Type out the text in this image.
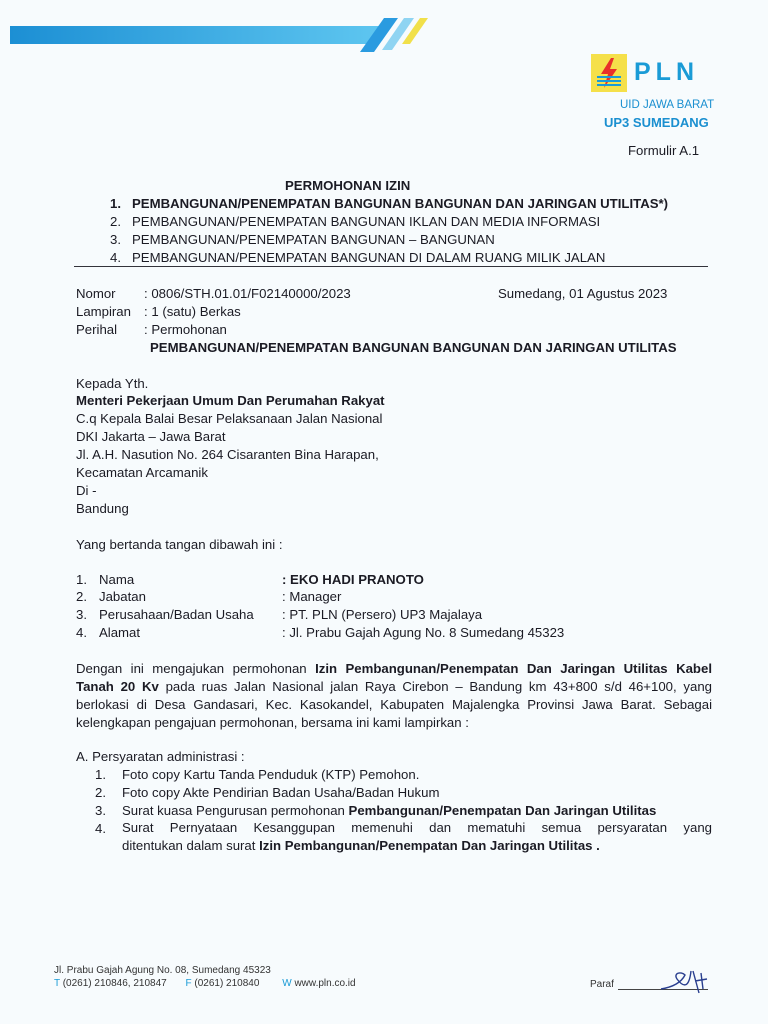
PLN
UID JAWA BARAT
UP3 SUMEDANG
Formulir A.1
PERMOHONAN IZIN
1. PEMBANGUNAN/PENEMPATAN BANGUNAN BANGUNAN DAN JARINGAN UTILITAS*)
2. PEMBANGUNAN/PENEMPATAN BANGUNAN IKLAN DAN MEDIA INFORMASI
3. PEMBANGUNAN/PENEMPATAN BANGUNAN – BANGUNAN
4. PEMBANGUNAN/PENEMPATAN BANGUNAN DI DALAM RUANG MILIK JALAN
Nomor : 0806/STH.01.01/F02140000/2023	Sumedang, 01 Agustus 2023
Lampiran : 1 (satu) Berkas
Perihal : Permohonan
PEMBANGUNAN/PENEMPATAN BANGUNAN BANGUNAN DAN JARINGAN UTILITAS
Kepada Yth.
Menteri Pekerjaan Umum Dan Perumahan Rakyat
C.q Kepala Balai Besar Pelaksanaan Jalan Nasional
DKI Jakarta – Jawa Barat
Jl. A.H. Nasution No. 264 Cisaranten Bina Harapan,
Kecamatan Arcamanik
Di -
Bandung
Yang bertanda tangan dibawah ini :
1. Nama	: EKO HADI PRANOTO
2. Jabatan	: Manager
3. Perusahaan/Badan Usaha : PT. PLN (Persero) UP3 Majalaya
4. Alamat	: Jl. Prabu Gajah Agung No. 8 Sumedang 45323
Dengan ini mengajukan permohonan Izin Pembangunan/Penempatan Dan Jaringan Utilitas Kabel
Tanah 20 Kv pada ruas Jalan Nasional jalan Raya Cirebon – Bandung km 43+800 s/d 46+100, yang
berlokasi di Desa Gandasari, Kec. Kasokandel, Kabupaten Majalengka Provinsi Jawa Barat. Sebagai
kelengkapan pengajuan permohonan, bersama ini kami lampirkan :
A. Persyaratan administrasi :
1. Foto copy Kartu Tanda Penduduk (KTP) Pemohon.
2. Foto copy Akte Pendirian Badan Usaha/Badan Hukum
3. Surat kuasa Pengurusan permohonan Pembangunan/Penempatan Dan Jaringan Utilitas
4. Surat Pernyataan Kesanggupan memenuhi dan mematuhi semua persyaratan yang
ditentukan dalam surat Izin Pembangunan/Penempatan Dan Jaringan Utilitas .
Jl. Prabu Gajah Agung No. 08, Sumedang 45323
T (0261) 210846, 210847 F (0261) 210840 W www.pln.co.id	Paraf
